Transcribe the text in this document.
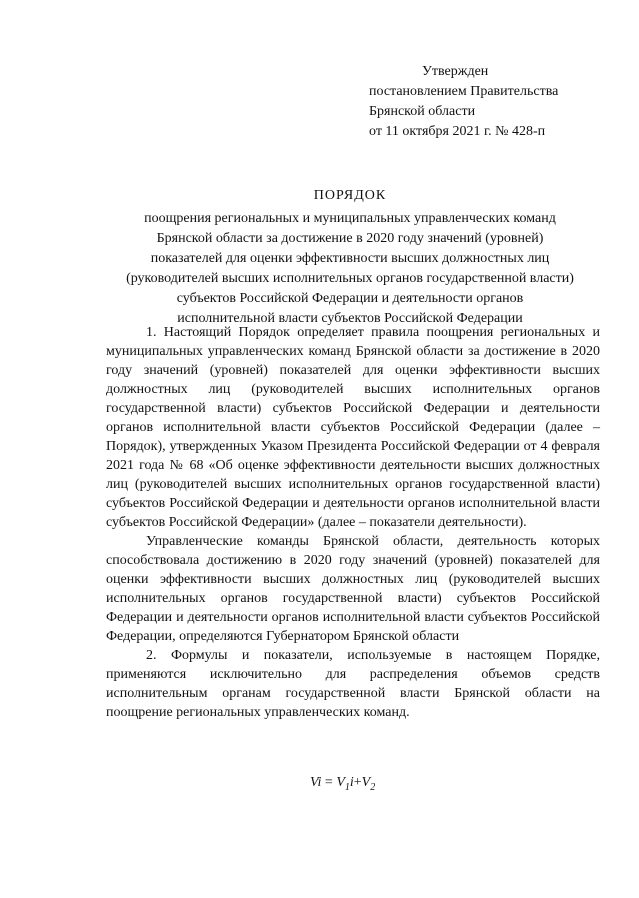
Утвержден
постановлением Правительства
Брянской области
от 11 октября 2021 г. № 428-п
ПОРЯДОК
поощрения региональных и муниципальных управленческих команд
Брянской области за достижение в 2020 году значений (уровней)
показателей для оценки эффективности высших должностных лиц
(руководителей высших исполнительных органов государственной власти)
субъектов Российской Федерации и деятельности органов
исполнительной власти субъектов Российской Федерации

1. Настоящий Порядок определяет правила поощрения региональных и муниципальных управленческих команд Брянской области за достижение в 2020 году значений (уровней) показателей для оценки эффективности высших должностных лиц (руководителей высших исполнительных органов государственной власти) субъектов Российской Федерации и деятельности органов исполнительной власти субъектов Российской Федерации (далее – Порядок), утвержденных Указом Президента Российской Федерации от 4 февраля 2021 года № 68 «Об оценке эффективности деятельности высших должностных лиц (руководителей высших исполнительных органов государственной власти) субъектов Российской Федерации и деятельности органов исполнительной власти субъектов Российской Федерации» (далее – показатели деятельности).

Управленческие команды Брянской области, деятельность которых способствовала достижению в 2020 году значений (уровней) показателей для оценки эффективности высших должностных лиц (руководителей высших исполнительных органов государственной власти) субъектов Российской Федерации и деятельности органов исполнительной власти субъектов Российской Федерации, определяются Губернатором Брянской области

2. Формулы и показатели, используемые в настоящем Порядке, применяются исключительно для распределения объемов средств исполнительным органам государственной власти Брянской области на поощрение региональных управленческих команд.

$Vi = V_1i+V_2$
